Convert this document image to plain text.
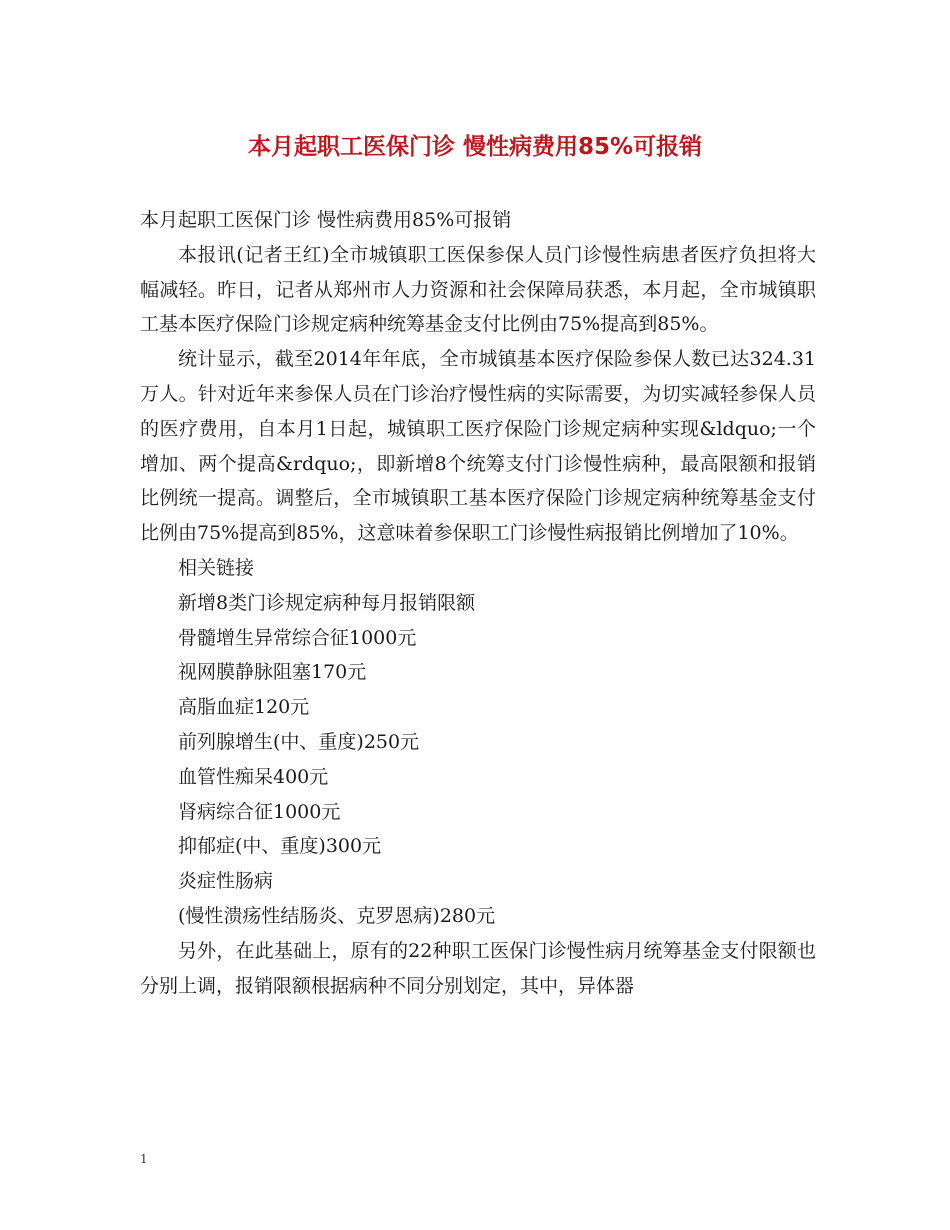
本月起职工医保门诊 慢性病费用85%可报销

本月起职工医保门诊 慢性病费用85%可报销

本报讯(记者王红)全市城镇职工医保参保人员门诊慢性病患者医疗负担将大幅减轻。昨日，记者从郑州市人力资源和社会保障局获悉，本月起，全市城镇职工基本医疗保险门诊规定病种统筹基金支付比例由75%提高到85%。

统计显示，截至2014年年底，全市城镇基本医疗保险参保人数已达324.31万人。针对近年来参保人员在门诊治疗慢性病的实际需要，为切实减轻参保人员的医疗费用，自本月1日起，城镇职工医疗保险门诊规定病种实现&ldquo;一个增加、两个提高&rdquo;，即新增8个统筹支付门诊慢性病种，最高限额和报销比例统一提高。调整后，全市城镇职工基本医疗保险门诊规定病种统筹基金支付比例由75%提高到85%，这意味着参保职工门诊慢性病报销比例增加了10%。

相关链接

新增8类门诊规定病种每月报销限额

骨髓增生异常综合征1000元

视网膜静脉阻塞170元

高脂血症120元

前列腺增生(中、重度)250元

血管性痴呆400元

肾病综合征1000元

抑郁症(中、重度)300元

炎症性肠病

(慢性溃疡性结肠炎、克罗恩病)280元

另外，在此基础上，原有的22种职工医保门诊慢性病月统筹基金支付限额也分别上调，报销限额根据病种不同分别划定，其中，异体器

1
